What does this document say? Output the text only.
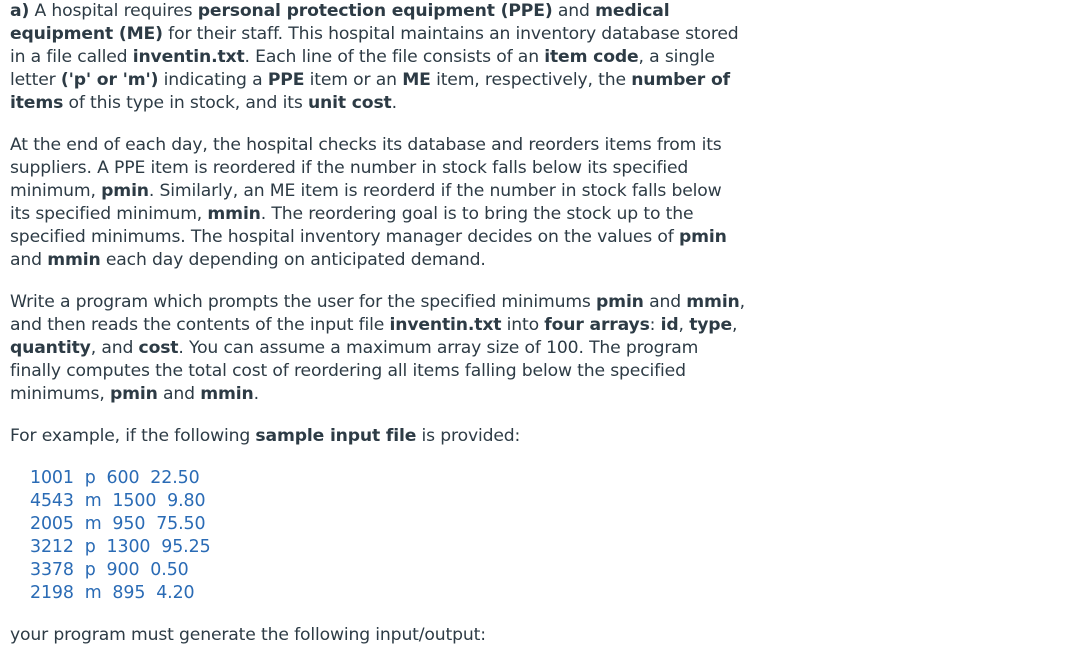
a) A hospital requires personal protection equipment (PPE) and medical equipment (ME) for their staff. This hospital maintains an inventory database stored in a file called inventin.txt. Each line of the file consists of an item code, a single letter ('p' or 'm') indicating a PPE item or an ME item, respectively, the number of items of this type in stock, and its unit cost.

At the end of each day, the hospital checks its database and reorders items from its suppliers. A PPE item is reordered if the number in stock falls below its specified minimum, pmin. Similarly, an ME item is reorderd if the number in stock falls below its specified minimum, mmin. The reordering goal is to bring the stock up to the specified minimums. The hospital inventory manager decides on the values of pmin and mmin each day depending on anticipated demand.

Write a program which prompts the user for the specified minimums pmin and mmin, and then reads the contents of the input file inventin.txt into four arrays: id, type, quantity, and cost. You can assume a maximum array size of 100. The program finally computes the total cost of reordering all items falling below the specified minimums, pmin and mmin.

For example, if the following sample input file is provided:

1001 p 600 22.50
4543 m 1500 9.80
2005 m 950 75.50
3212 p 1300 95.25
3378 p 900 0.50
2198 m 895 4.20
your program must generate the following input/output:
